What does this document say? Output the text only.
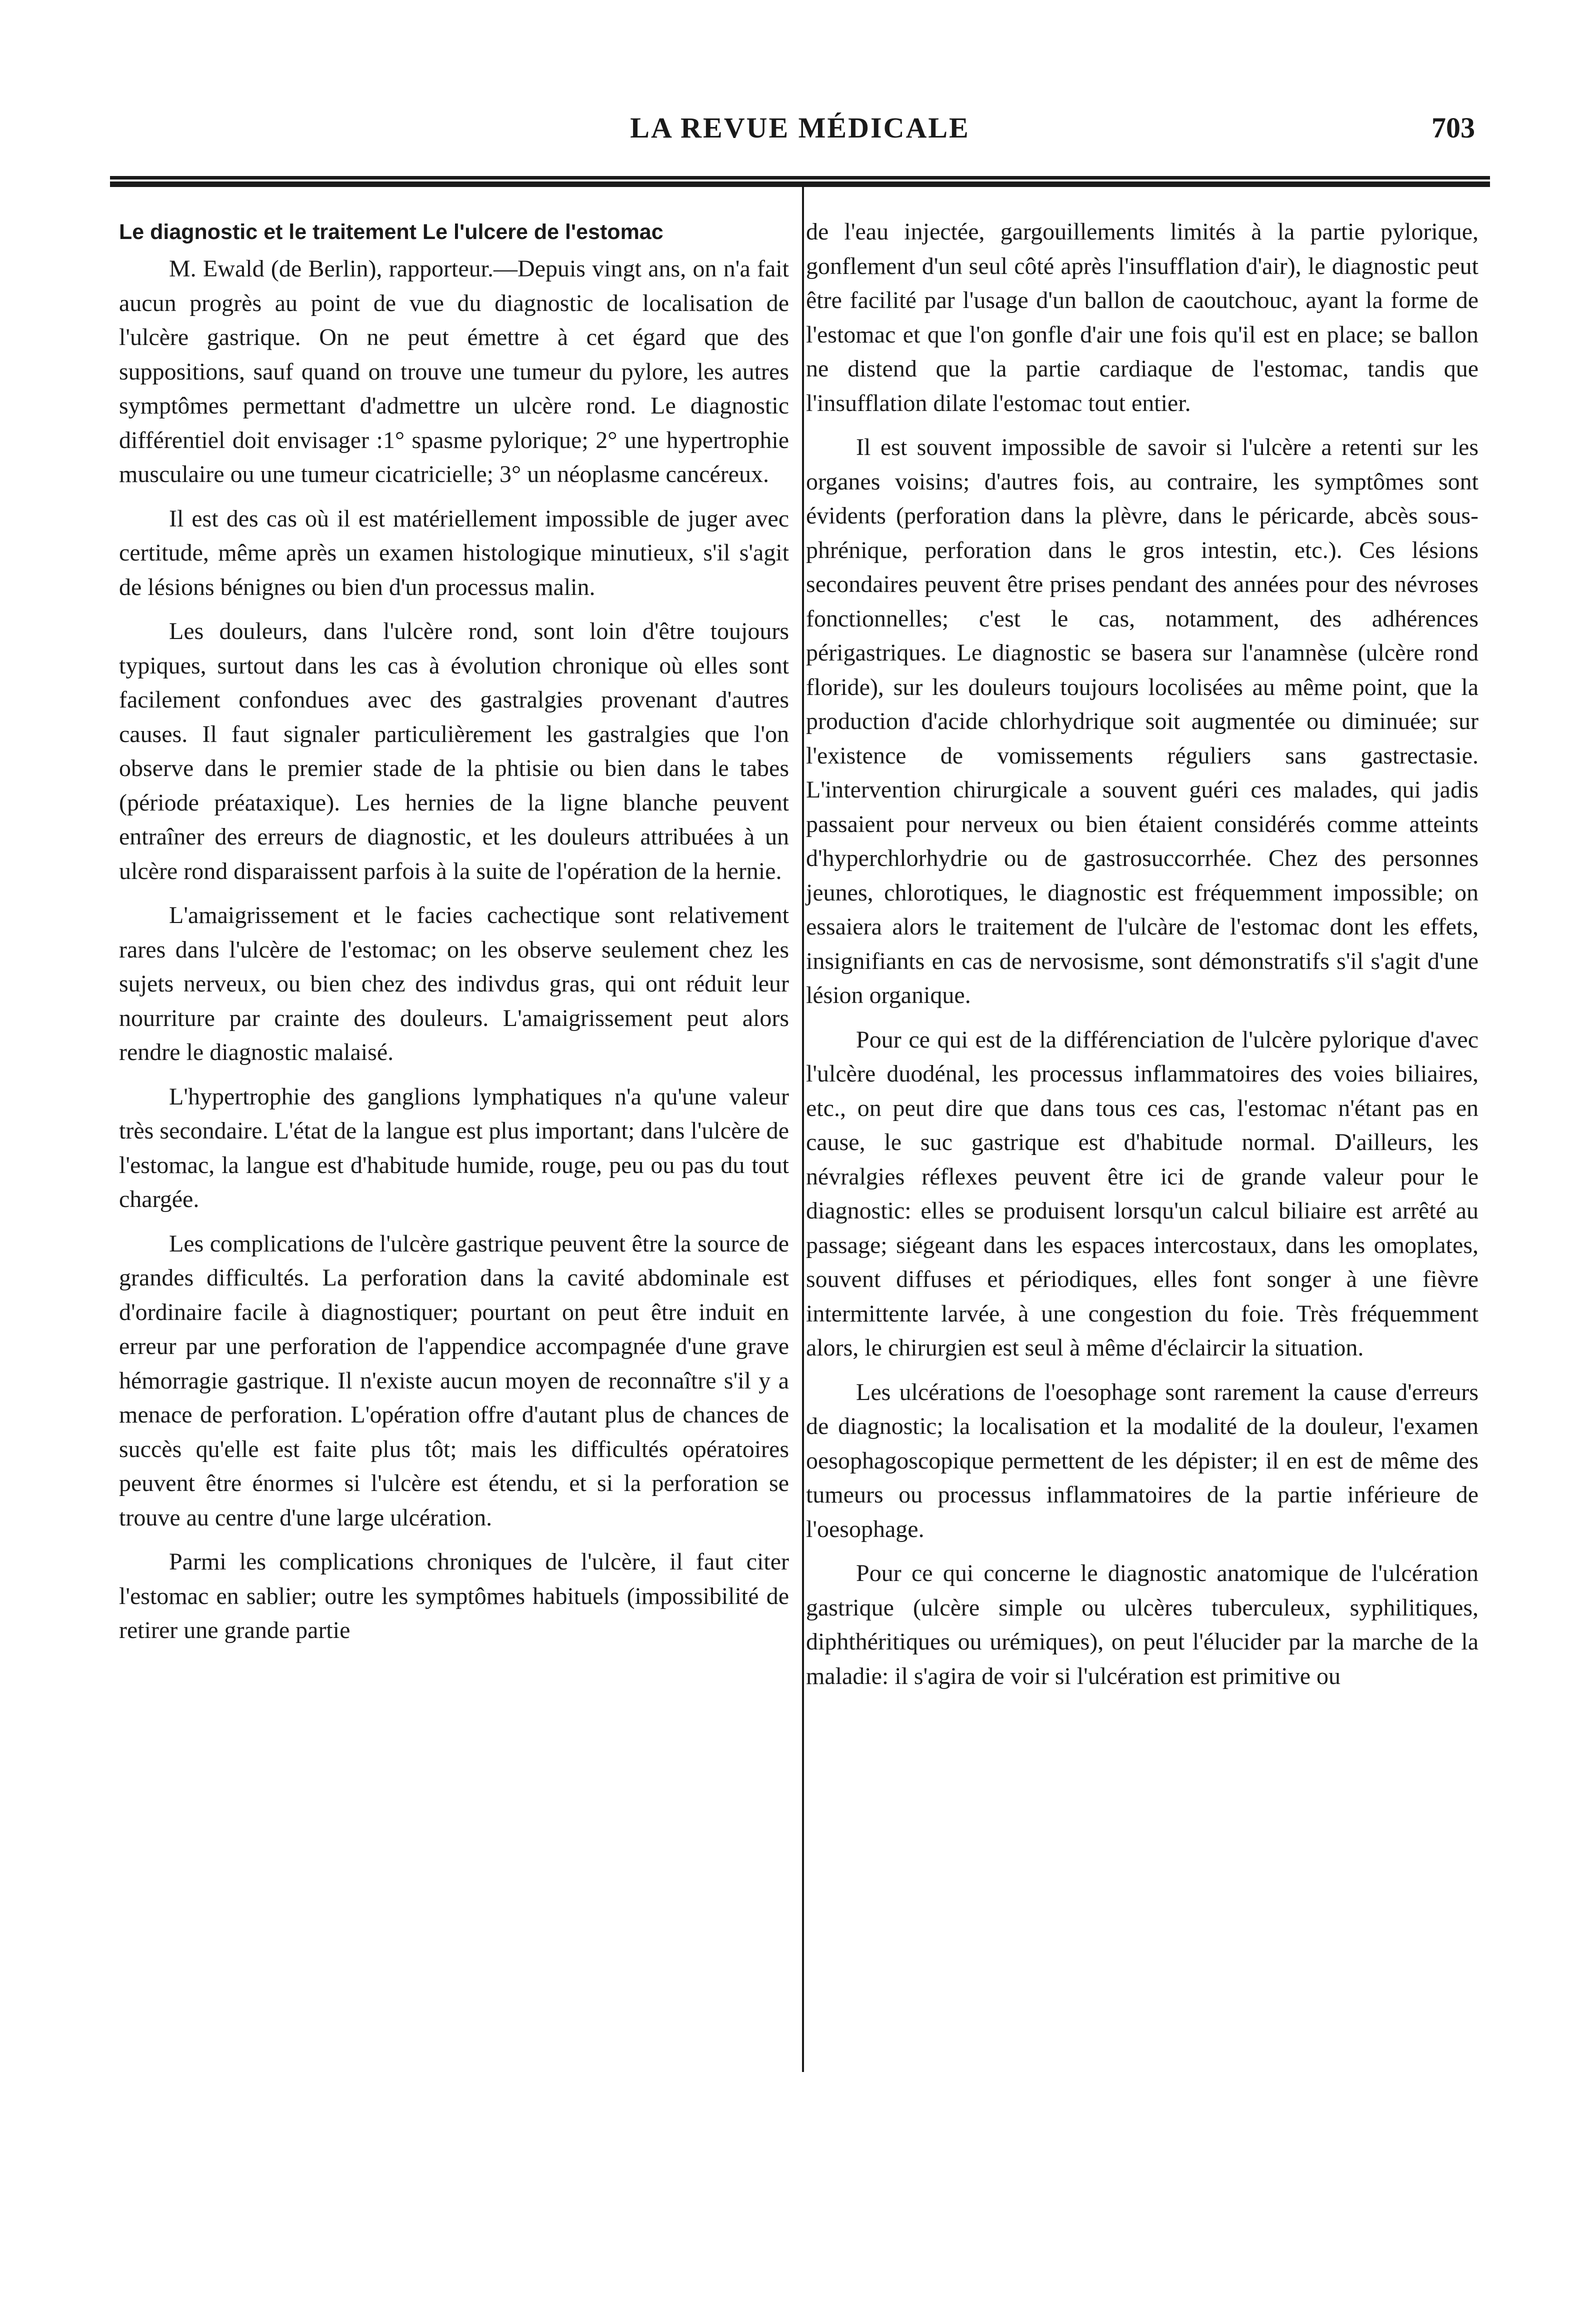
LA REVUE MÉDICALE	703
Le diagnostic et le traitement Le l'ulcere de l'estomac

M. Ewald (de Berlin), rapporteur.—Depuis vingt ans, on n'a fait aucun progrès au point de vue du diagnostic de localisation de l'ulcère gastrique. On ne peut émettre à cet égard que des suppositions, sauf quand on trouve une tumeur du pylore, les autres symptômes permettant d'admettre un ulcère rond. Le diagnostic différentiel doit envisager :1° spasme pylorique; 2° une hypertrophie musculaire ou une tumeur cicatricielle; 3° un néoplasme cancéreux.

Il est des cas où il est matériellement impossible de juger avec certitude, même après un examen histologique minutieux, s'il s'agit de lésions bénignes ou bien d'un processus malin.

Les douleurs, dans l'ulcère rond, sont loin d'être toujours typiques, surtout dans les cas à évolution chronique où elles sont facilement confondues avec des gastralgies provenant d'autres causes. Il faut signaler particulièrement les gastralgies que l'on observe dans le premier stade de la phtisie ou bien dans le tabes (période préataxique). Les hernies de la ligne blanche peuvent entraîner des erreurs de diagnostic, et les douleurs attribuées à un ulcère rond disparaissent parfois à la suite de l'opération de la hernie.

L'amaigrissement et le facies cachectique sont relativement rares dans l'ulcère de l'estomac; on les observe seulement chez les sujets nerveux, ou bien chez des indivdus gras, qui ont réduit leur nourriture par crainte des douleurs. L'amaigrissement peut alors rendre le diagnostic malaisé.

L'hypertrophie des ganglions lymphatiques n'a qu'une valeur très secondaire. L'état de la langue est plus important; dans l'ulcère de l'estomac, la langue est d'habitude humide, rouge, peu ou pas du tout chargée.

Les complications de l'ulcère gastrique peuvent être la source de grandes difficultés. La perforation dans la cavité abdominale est d'ordinaire facile à diagnostiquer; pourtant on peut être induit en erreur par une perforation de l'appendice accompagnée d'une grave hémorragie gastrique. Il n'existe aucun moyen de reconnaître s'il y a menace de perforation. L'opération offre d'autant plus de chances de succès qu'elle est faite plus tôt; mais les difficultés opératoires peuvent être énormes si l'ulcère est étendu, et si la perforation se trouve au centre d'une large ulcération.

Parmi les complications chroniques de l'ulcère, il faut citer l'estomac en sablier; outre les symptômes habituels (impossibilité de retirer une grande partie

de l'eau injectée, gargouillements limités à la partie pylorique, gonflement d'un seul côté après l'insufflation d'air), le diagnostic peut être facilité par l'usage d'un ballon de caoutchouc, ayant la forme de l'estomac et que l'on gonfle d'air une fois qu'il est en place; se ballon ne distend que la partie cardiaque de l'estomac, tandis que l'insufflation dilate l'estomac tout entier.

Il est souvent impossible de savoir si l'ulcère a retenti sur les organes voisins; d'autres fois, au contraire, les symptômes sont évidents (perforation dans la plèvre, dans le péricarde, abcès sous-phrénique, perforation dans le gros intestin, etc.). Ces lésions secondaires peuvent être prises pendant des années pour des névroses fonctionnelles; c'est le cas, notamment, des adhérences périgastriques. Le diagnostic se basera sur l'anamnèse (ulcère rond floride), sur les douleurs toujours locolisées au même point, que la production d'acide chlorhydrique soit augmentée ou diminuée; sur l'existence de vomissements réguliers sans gastrectasie. L'intervention chirurgicale a souvent guéri ces malades, qui jadis passaient pour nerveux ou bien étaient considérés comme atteints d'hyperchlorhydrie ou de gastrosuccorrhée. Chez des personnes jeunes, chlorotiques, le diagnostic est fréquemment impossible; on essaiera alors le traitement de l'ulcàre de l'estomac dont les effets, insignifiants en cas de nervosisme, sont démonstratifs s'il s'agit d'une lésion organique.

Pour ce qui est de la différenciation de l'ulcère pylorique d'avec l'ulcère duodénal, les processus inflammatoires des voies biliaires, etc., on peut dire que dans tous ces cas, l'estomac n'étant pas en cause, le suc gastrique est d'habitude normal. D'ailleurs, les névralgies réflexes peuvent être ici de grande valeur pour le diagnostic: elles se produisent lorsqu'un calcul biliaire est arrêté au passage; siégeant dans les espaces intercostaux, dans les omoplates, souvent diffuses et périodiques, elles font songer à une fièvre intermittente larvée, à une congestion du foie. Très fréquemment alors, le chirurgien est seul à même d'éclaircir la situation.

Les ulcérations de l'oesophage sont rarement la cause d'erreurs de diagnostic; la localisation et la modalité de la douleur, l'examen oesophagoscopique permettent de les dépister; il en est de même des tumeurs ou processus inflammatoires de la partie inférieure de l'oesophage.

Pour ce qui concerne le diagnostic anatomique de l'ulcération gastrique (ulcère simple ou ulcères tuberculeux, syphilitiques, diphthéritiques ou urémiques), on peut l'élucider par la marche de la maladie: il s'agira de voir si l'ulcération est primitive ou
